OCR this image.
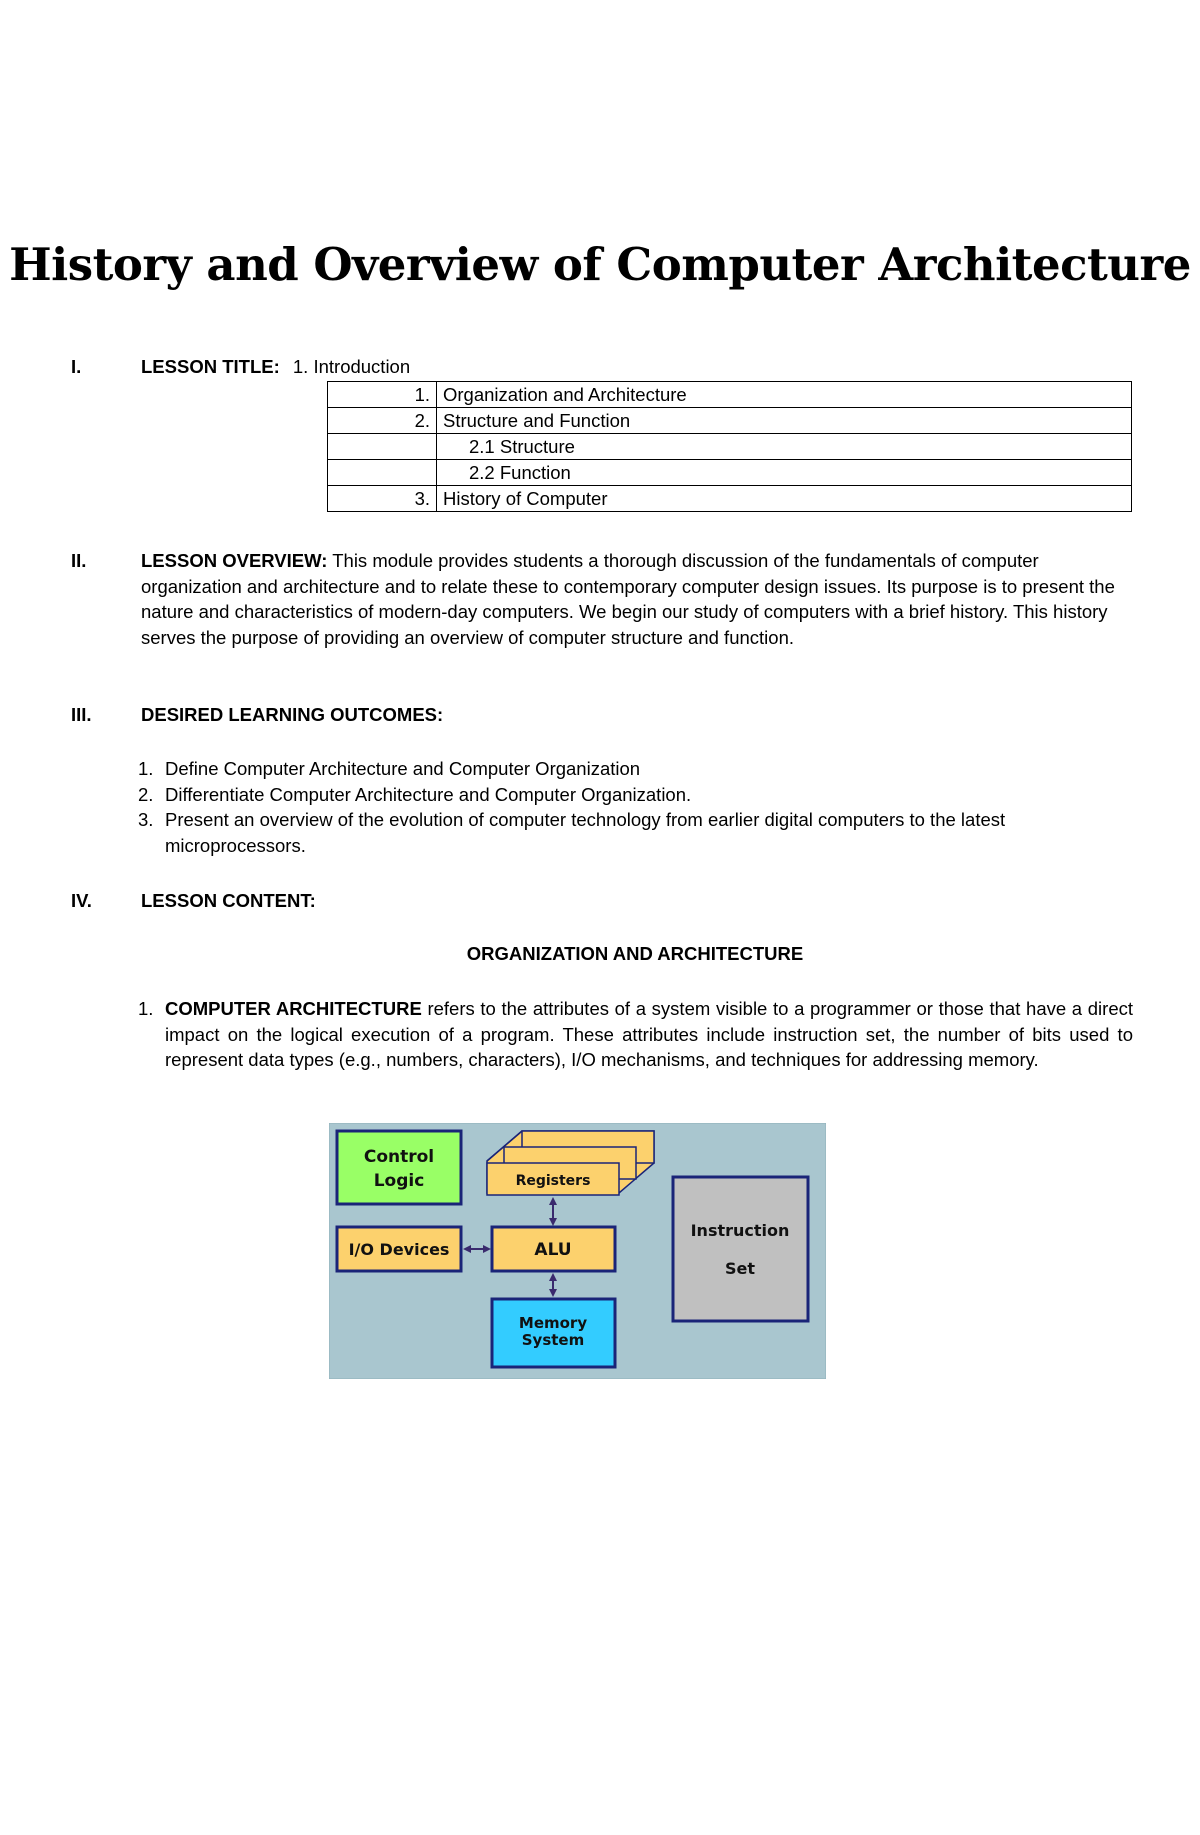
History and Overview of Computer Architecture
I.	LESSON TITLE: 1. Introduction
1.	Organization and Architecture
2.	Structure and Function
	2.1 Structure
	2.2 Function
3.	History of Computer
II.	LESSON OVERVIEW: This module provides students a thorough discussion of the fundamentals of computer organization and architecture and to relate these to contemporary computer design issues. Its purpose is to present the nature and characteristics of modern-day computers. We begin our study of computers with a brief history. This history serves the purpose of providing an overview of computer structure and function.
III.	DESIRED LEARNING OUTCOMES:
1. Define Computer Architecture and Computer Organization
2. Differentiate Computer Architecture and Computer Organization.
3. Present an overview of the evolution of computer technology from earlier digital computers to the latest microprocessors.
IV.	LESSON CONTENT:
ORGANIZATION AND ARCHITECTURE
1. COMPUTER ARCHITECTURE refers to the attributes of a system visible to a programmer or those that have a direct impact on the logical execution of a program. These attributes include instruction set, the number of bits used to represent data types (e.g., numbers, characters), I/O mechanisms, and techniques for addressing memory.
Control
Logic	Registers
I/O Devices	ALU
Memory
System
Instruction
Set
